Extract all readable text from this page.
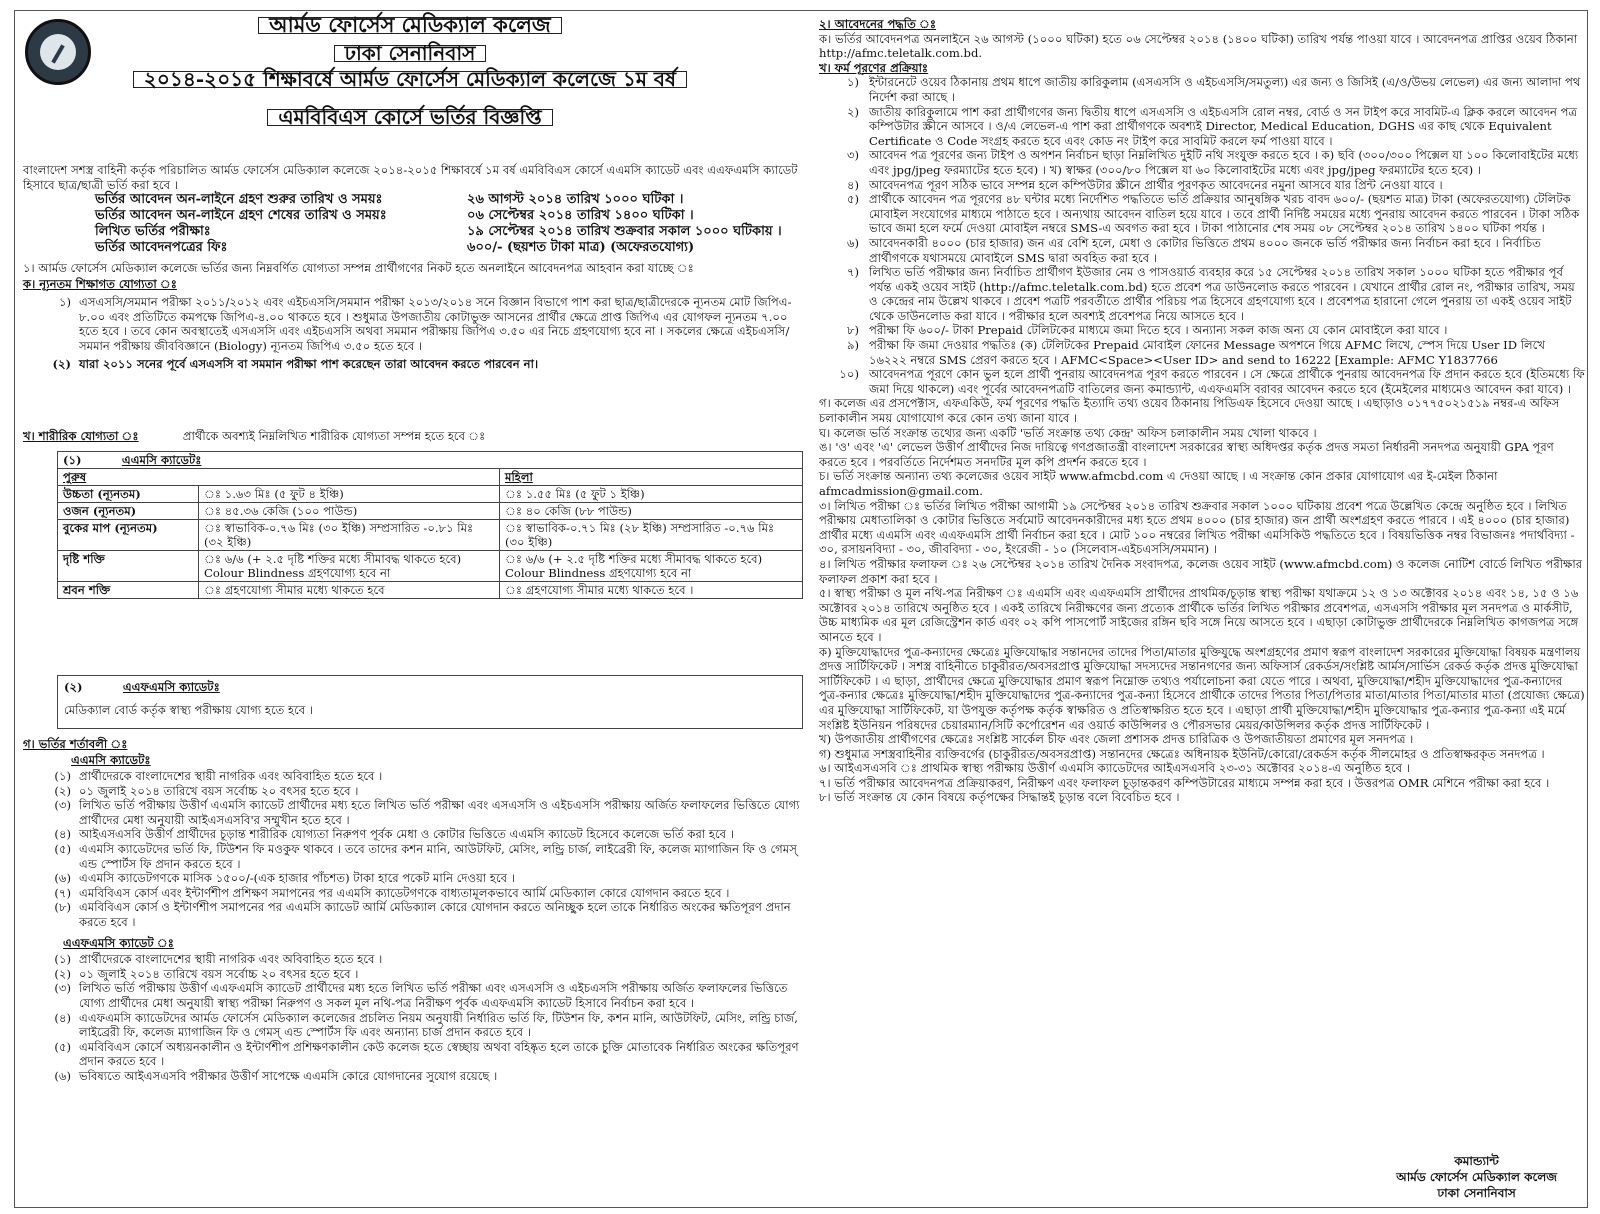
আর্মড ফোর্সেস মেডিক্যাল কলেজ
ঢাকা সেনানিবাস
২০১৪-২০১৫ শিক্ষাবর্ষে আর্মড ফোর্সেস মেডিক্যাল কলেজে ১ম বর্ষ
এমবিবিএস কোর্সে ভর্তির বিজ্ঞপ্তি
বাংলাদেশ সশস্ত্র বাহিনী কর্তৃক পরিচালিত আর্মড ফোর্সেস মেডিক্যাল কলেজে ২০১৪-২০১৫ শিক্ষাবর্ষে ১ম বর্ষ এমবিবিএস কোর্সে এএমসি ক্যাডেট এবং এএফএমসি ক্যাডেট হিসাবে ছাত্র/ছাত্রী ভর্তি করা হবে ।
ভর্তির আবেদন অন-লাইনে গ্রহণ শুরুর তারিখ ও সময়ঃ	২৬ আগস্ট ২০১৪ তারিখ ১০০০ ঘটিকা ।
ভর্তির আবেদন অন-লাইনে গ্রহণ শেষের তারিখ ও সময়ঃ	০৬ সেপ্টেম্বর ২০১৪ তারিখ ১৪০০ ঘটিকা ।
লিখিত ভর্তির পরীক্ষাঃ	১৯ সেপ্টেম্বর ২০১৪ তারিখ শুক্রবার সকাল ১০০০ ঘটিকায় ।
ভর্তির আবেদনপত্রের ফিঃ	৬০০/- (ছয়শত টাকা মাত্র) (অফেরতযোগ্য)
১। আর্মড ফোর্সেস মেডিক্যাল কলেজে ভর্তির জন্য নিম্নবর্ণিত যোগ্যতা সম্পন্ন প্রার্থীগণের নিকট হতে অনলাইনে আবেদনপত্র আহবান করা যাচ্ছে ঃ
ক। ন্যূনতম শিক্ষাগত যোগ্যতা ঃ
১) এসএসসি/সমমান পরীক্ষা ২০১১/২০১২ এবং এইচএসসি/সমমান পরীক্ষা ২০১৩/২০১৪ সনে বিজ্ঞান বিভাগে পাশ করা ছাত্র/ছাত্রীদেরকে ন্যূনতম মোট জিপিএ- ৮.০০ এবং প্রতিটিতে কমপক্ষে জিপিএ-৪.০০ থাকতে হবে । শুধুমাত্র উপজাতীয় কোটাভুক্ত আসনের প্রার্থীর ক্ষেত্রে প্রাপ্ত জিপিএ এর যোগফল ন্যূনতম ৭.০০ হতে হবে । তবে কোন অবস্থাতেই এসএসসি এবং এইচএসসি অথবা সমমান পরীক্ষায় জিপিএ ৩.৫০ এর নিচে গ্রহণযোগ্য হবে না । সকলের ক্ষেত্রে এইচএসসি/সমমান পরীক্ষায় জীববিজ্ঞানে (Biology) ন্যূনতম জিপিএ ৩.৫০ হতে হবে ।
(২) যারা ২০১১ সনের পূর্বে এসএসসি বা সমমান পরীক্ষা পাশ করেছেন তারা আবেদন করতে পারবেন না।
খ। শারীরিক যোগ্যতা ঃ	প্রার্থীকে অবশ্যই নিম্নলিখিত শারীরিক যোগ্যতা সম্পন্ন হতে হবে ঃ
(১) এএমসি ক্যাডেটঃ		
পুরুষ		মহিলা
উচ্চতা (ন্যূনতম)	ঃ ১.৬৩ মিঃ (৫ ফুট ৪ ইঞ্চি)	ঃ ১.৫৫ মিঃ (৫ ফুট ১ ইঞ্চি)
ওজন (ন্যূনতম)	ঃ ৪৫.৩৬ কেজি (১০০ পাউন্ড)	ঃ ৪০ কেজি (৮৮ পাউন্ড)
বুকের মাপ (ন্যূনতম)	ঃ স্বাভাবিক-০.৭৬ মিঃ (৩০ ইঞ্চি) সম্প্রসারিত -০.৮১ মিঃ (৩২ ইঞ্চি)	ঃ স্বাভাবিক-০.৭১ মিঃ (২৮ ইঞ্চি) সম্প্রসারিত -০.৭৬ মিঃ (৩০ ইঞ্চি)
দৃষ্টি শক্তি	ঃ ৬/৬ (+ ২.৫ দৃষ্টি শক্তির মধ্যে সীমাবদ্ধ থাকতে হবে) Colour Blindness গ্রহণযোগ্য হবে না	ঃ ৬/৬ (+ ২.৫ দৃষ্টি শক্তির মধ্যে সীমাবদ্ধ থাকতে হবে) Colour Blindness গ্রহণযোগ্য হবে না
শ্রবন শক্তি	ঃ গ্রহণযোগ্য সীমার মধ্যে থাকতে হবে	ঃ গ্রহণযোগ্য সীমার মধ্যে থাকতে হবে ।
(২)	এএফএমসি ক্যাডেটঃ
মেডিক্যাল বোর্ড কর্তৃক স্বাস্থ্য পরীক্ষায় যোগ্য হতে হবে ।
গ। ভর্তির শর্তাবলী ঃ
এএমসি ক্যাডেটঃ
(১) প্রার্থীদেরকে বাংলাদেশের স্থায়ী নাগরিক এবং অবিবাহিত হতে হবে ।
(২) ০১ জুলাই ২০১৪ তারিখে বয়স সর্বোচ্চ ২০ বৎসর হতে হবে ।
(৩) লিখিত ভর্তি পরীক্ষায় উত্তীর্ণ এএমসি ক্যাডেট প্রার্থীদের মধ্য হতে লিখিত ভর্তি পরীক্ষা এবং এসএসসি ও এইচএসসি পরীক্ষায় অর্জিত ফলাফলের ভিত্তিতে যোগ্য প্রার্থীদের মেধা অনুযায়ী আইএসএসবি'র সম্মুখীন হতে হবে ।
(৪) আইএসএসবি উত্তীর্ণ প্রার্থীদের চূড়ান্ত শারীরিক যোগ্যতা নিরুপণ পূর্বক মেধা ও কোটার ভিত্তিতে এএমসি ক্যাডেট হিসেবে কলেজে ভর্তি করা হবে ।
(৫) এএমসি ক্যাডেটদের ভর্তি ফি, টিউশন ফি মওকুফ থাকবে । তবে তাদের কশন মানি, আউটফিট, মেসিং, লন্ড্রি চার্জ, লাইব্রেরী ফি, কলেজ ম্যাগাজিন ফি ও গেমস্ এন্ড স্পোর্টস ফি প্রদান করতে হবে ।
(৬) এএমসি ক্যাডেটগণকে মাসিক ১৫০০/-(এক হাজার পাঁচশত) টাকা হারে পকেট মানি দেওয়া হবে ।
(৭) এমবিবিএস কোর্স এবং ইন্টার্ণশীপ প্রশিক্ষণ সমাপনের পর এএমসি ক্যাডেটগণকে বাধ্যতামূলকভাবে আর্মি মেডিক্যাল কোরে যোগদান করতে হবে ।
(৮) এমবিবিএস কোর্স ও ইন্টার্ণশীপ সমাপনের পর এএমসি ক্যাডেট আর্মি মেডিক্যাল কোরে যোগদান করতে অনিচ্ছুক হলে তাকে নির্ধারিত অংকের ক্ষতিপূরণ প্রদান করতে হবে ।
এএফএমসি ক্যাডেট ঃ
(১) প্রার্থীদেরকে বাংলাদেশের স্থায়ী নাগরিক এবং অবিবাহিত হতে হবে ।
(২) ০১ জুলাই ২০১৪ তারিখে বয়স সর্বোচ্চ ২০ বৎসর হতে হবে ।
(৩) লিখিত ভর্তি পরীক্ষায় উত্তীর্ণ এএফএমসি ক্যাডেট প্রার্থীদের মধ্য হতে লিখিত ভর্তি পরীক্ষা এবং এসএসসি ও এইচএসসি পরীক্ষায় অর্জিত ফলাফলের ভিত্তিতে যোগ্য প্রার্থীদের মেধা অনুযায়ী স্বাস্থ্য পরীক্ষা নিরুপণ ও সকল মূল নথি-পত্র নিরীক্ষণ পূর্বক এএফএমসি ক্যাডেট হিসাবে নির্বাচন করা হবে ।
(৪) এএফএমসি ক্যাডেটদের আর্মড ফোর্সেস মেডিক্যাল কলেজের প্রচলিত নিয়ম অনুযায়ী নির্ধারিত ভর্তি ফি, টিউশন ফি, কশন মানি, আউটফিট, মেসিং, লন্ড্রি চার্জ, লাইব্রেরী ফি, কলেজ ম্যাগাজিন ফি ও গেমস্ এন্ড স্পোর্টস ফি এবং অন্যান্য চার্জ প্রদান করতে হবে ।
(৫) এমবিবিএস কোর্সে অধ্যয়নকালীন ও ইন্টার্ণশীপ প্রশিক্ষণকালীন কেউ কলেজ হতে স্বেচ্ছায় অথবা বহিষ্কৃত হলে তাকে চুক্তি মোতাবেক নির্ধারিত অংকের ক্ষতিপূরণ প্রদান করতে হবে ।
(৬) ভবিষ্যতে আইএসএসবি পরীক্ষার উত্তীর্ণ সাপেক্ষে এএমসি কোরে যোগদানের সুযোগ রয়েছে ।
২। আবেদনের পদ্ধতি ঃ
ক। ভর্তির আবেদনপত্র অনলাইনে ২৬ আগস্ট (১০০০ ঘটিকা) হতে ০৬ সেপ্টেম্বর ২০১৪ (১৪০০ ঘটিকা) তারিখ পর্যন্ত পাওয়া যাবে । আবেদনপত্র প্রাপ্তির ওয়েব ঠিকানা http://afmc.teletalk.com.bd.
খ। ফর্ম পূরণের প্রক্রিয়াঃ
১) ইন্টারনেটে ওয়েব ঠিকানায় প্রথম ধাপে জাতীয় কারিকুলাম (এসএসসি ও এইচএসসি/সমতুল্য) এর জন্য ও জিসিই (এ/ও/উভয় লেভেল) এর জন্য আলাদা পথ নির্দেশ করা আছে ।
২) জাতীয় কারিকুলামে পাশ করা প্রার্থীগণের জন্য দ্বিতীয় ধাপে এসএসসি ও এইচএসসি রোল নম্বর, বোর্ড ও সন টাইপ করে সাবমিট-এ ক্লিক করলে আবেদন পত্র কম্পিউটার স্ক্রীনে আসবে । ও/এ লেভেল-এ পাশ করা প্রার্থীগণকে অবশ্যই Director, Medical Education, DGHS এর কাছ থেকে Equivalent Certificate ও Code সংগ্রহ করতে হবে এবং কোড নং টাইপ করে সাবমিট করলে ফর্ম পাওয়া যাবে ।
৩) আবেদন পত্র পূরণের জন্য টাইপ ও অপশন নির্বাচন ছাড়া নিম্নলিখিত দুইটি নথি সংযুক্ত করতে হবে । ক) ছবি (৩০০/৩০০ পিক্সেল যা ১০০ কিলোবাইটের মধ্যে এবং jpg/jpeg ফরম্যাটের হতে হবে) । খ) স্বাক্ষর (৩০০/৮০ পিক্সেল যা ৬০ কিলোবাইটের মধ্যে এবং jpg/jpeg ফরম্যাটের হতে হবে) ।
৪) আবেদনপত্র পূরণ সঠিক ভাবে সম্পন্ন হলে কম্পিউটার স্ক্রীনে প্রার্থীর পূরণকৃত আবেদনের নমুনা আসবে যার প্রিন্ট নেওয়া যাবে ।
৫) প্রার্থীকে আবেদন পত্র পূরণের ৪৮ ঘন্টার মধ্যে নির্দেশিত পদ্ধতিতে ভর্তি প্রক্রিয়ার আনুষঙ্গিক খরচ বাবদ ৬০০/- (ছয়শত মাত্র) টাকা (অফেরতযোগ্য) টেলিটক মোবাইল সংযোগের মাধ্যমে পাঠাতে হবে । অন্যথায় আবেদন বাতিল হয়ে যাবে । তবে প্রার্থী নির্দিষ্ট সময়ের মধ্যে পুনরায় আবেদন করতে পারবেন । টাকা সঠিক ভাবে জমা হলে ফর্মে দেওয়া মোবাইল নম্বরে SMS-এ অবগত করা হবে । টাকা পাঠানোর শেষ সময় ০৮ সেপ্টেম্বর ২০১৪ তারিখ ১৪০০ ঘটিকা পর্যন্ত ।
৬) আবেদনকারী ৪০০০ (চার হাজার) জন এর বেশি হলে, মেধা ও কোটার ভিত্তিতে প্রথম ৪০০০ জনকে ভর্তি পরীক্ষার জন্য নির্বাচন করা হবে । নির্বাচিত প্রার্থীগণকে যথাসময়ে মোবাইলে SMS দ্বারা অবহিত করা হবে ।
৭) লিখিত ভর্তি পরীক্ষার জন্য নির্বাচিত প্রার্থীগণ ইউজার নেম ও পাসওয়ার্ড ব্যবহার করে ১৫ সেপ্টেম্বর ২০১৪ তারিখ সকাল ১০০০ ঘটিকা হতে পরীক্ষার পূর্ব পর্যন্ত একই ওয়েব সাইট (http://afmc.teletalk.com.bd) হতে প্রবেশ পত্র ডাউনলোড করতে পারবেন । যেখানে প্রার্থীর রোল নং, পরীক্ষার তারিখ, সময় ও কেন্দ্রের নাম উল্লেখ থাকবে । প্রবেশ পত্রটি পরবর্তীতে প্রার্থীর পরিচয় পত্র হিসেবে গ্রহণযোগ্য হবে । প্রবেশপত্র হারানো গেলে পুনরায় তা একই ওয়েব সাইট থেকে ডাউনলোড করা যাবে । পরীক্ষার হলে অবশ্যই প্রবেশপত্র নিয়ে আসতে হবে ।
৮) পরীক্ষা ফি ৬০০/- টাকা Prepaid টেলিটকের মাধ্যমে জমা দিতে হবে । অন্যান্য সকল কাজ অন্য যে কোন মোবাইলে করা যাবে ।
৯) পরীক্ষা ফি জমা দেওয়ার পদ্ধতিঃ (ক) টেলিটকের Prepaid মোবাইল ফোনের Message অপশনে গিয়ে AFMC লিখে, স্পেস দিয়ে User ID লিখে ১৬২২২ নম্বরে SMS প্রেরণ করতে হবে । AFMC<Space><User ID> and send to 16222 [Example: AFMC Y1837766
১০) আবেদনপত্র পূরণে কোন ভুল হলে প্রার্থী পুনরায় আবেদনপত্র পূরণ করতে পারবেন । সে ক্ষেত্রে প্রার্থীকে পুনরায় আবেদনপত্র ফি প্রদান করতে হবে (ইতিমধ্যে ফি জমা দিয়ে থাকলে) এবং পূর্বের আবেদনপত্রটি বাতিলের জন্য কমান্ড্যান্ট, এএফএমসি বরাবর আবেদন করতে হবে (ইমেইলের মাধ্যমেও আবেদন করা যাবে) ।
গ। কলেজ এর প্রসপেক্টাস, এফএকিউ, ফর্ম পূরণের পদ্ধতি ইত্যাদি তথ্য ওয়েব ঠিকানায় পিডিএফ হিসেবে দেওয়া আছে । এছাড়াও ০১৭৭৫০২১৫১৯ নম্বর-এ অফিস চলাকালীন সময় যোগাযোগ করে কোন তথ্য জানা যাবে ।
ঘ। কলেজ ভর্তি সংক্রান্ত তথ্যের জন্য একটি 'ভর্তি সংক্রান্ত তথ্য কেন্দ্র' অফিস চলাকালীন সময় খোলা থাকবে ।
ঙ। 'ও' এবং 'এ' লেভেল উত্তীর্ণ প্রার্থীদের নিজ দায়িত্বে গণপ্রজাতন্ত্রী বাংলাদেশ সরকারের স্বাস্থ্য অধিদপ্তর কর্তৃক প্রদত্ত সমতা নির্ধারনী সনদপত্র অনুযায়ী GPA পূরণ করতে হবে । পরবর্তিতে নির্দেশমত সনদটির মূল কপি প্রদর্শন করতে হবে ।
চ। ভর্তি সংক্রান্ত অন্যান্য তথ্য কলেজের ওয়েব সাইট www.afmcbd.com এ দেওয়া আছে । এ সংক্রান্ত কোন প্রকার যোগাযোগ এর ই-মেইল ঠিকানা afmcadmission@gmail.com.
৩। লিখিত পরীক্ষা ঃ ভর্তির লিখিত পরীক্ষা আগামী ১৯ সেপ্টেম্বর ২০১৪ তারিখ শুক্রবার সকাল ১০০০ ঘটিকায় প্রবেশ পত্রে উল্লেখিত কেন্দ্রে অনুষ্ঠিত হবে । লিখিত পরীক্ষায় মেধাতালিকা ও কোটার ভিত্তিতে সর্বমোট আবেদনকারীদের মধ্য হতে প্রথম ৪০০০ (চার হাজার) জন প্রার্থী অংশগ্রহণ করতে পারবে । এই ৪০০০ (চার হাজার) প্রার্থীর মধ্যে এএমসি এবং এএফএমসি প্রার্থী নির্বাচন করা হবে । মোট ১০০ নম্বরের লিখিত পরীক্ষা এমসিকিউ পদ্ধতিতে হবে । বিষয়ভিত্তিক নম্বর বিভাজনঃ পদার্থবিদ্যা - ৩০, রসায়নবিদ্যা - ৩০, জীববিদ্যা - ৩০, ইংরেজী - ১০ (সিলেবাস-এইচএসসি/সমমান) ।
৪। লিখিত পরীক্ষার ফলাফল ঃ ২৬ সেপ্টেম্বর ২০১৪ তারিখ দৈনিক সংবাদপত্র, কলেজ ওয়েব সাইট (www.afmcbd.com) ও কলেজ নোটিশ বোর্ডে লিখিত পরীক্ষার ফলাফল প্রকাশ করা হবে ।
৫। স্বাস্থ্য পরীক্ষা ও মূল নথি-পত্র নিরীক্ষণ ঃ এএমসি এবং এএফএমসি প্রার্থীদের প্রাথমিক/চূড়ান্ত স্বাস্থ্য পরীক্ষা যথাক্রমে ১২ ও ১৩ অক্টোবর ২০১৪ এবং ১৪, ১৫ ও ১৬ অক্টোবর ২০১৪ তারিখে অনুষ্ঠিত হবে । একই তারিখে নিরীক্ষণের জন্য প্রত্যেক প্রার্থীকে ভর্তির লিখিত পরীক্ষার প্রবেশপত্র, এসএসসি পরীক্ষার মূল সনদপত্র ও মার্কসীট, উচ্চ মাধ্যমিক এর মূল রেজিস্ট্রেশন কার্ড এবং ০২ কপি পাসপোর্ট সাইজের রঙ্গিন ছবি সঙ্গে নিয়ে আসতে হবে । এছাড়া কোটাভুক্ত প্রার্থীদেরকে নিম্নলিখিত কাগজপত্র সঙ্গে আনতে হবে ।
ক) মুক্তিযোদ্ধাদের পুত্র-কন্যাদের ক্ষেত্রেঃ মুক্তিযোদ্ধার সন্তানদের তাদের পিতা/মাতার মুক্তিযুদ্ধে অংশগ্রহণের প্রমাণ স্বরূপ বাংলাদেশ সরকারের মুক্তিযোদ্ধা বিষয়ক মন্ত্রণালয় প্রদত্ত সার্টিফিকেট । সশস্ত্র বাহিনীতে চাকুরীরত/অবসরপ্রাপ্ত মুক্তিযোদ্ধা সদস্যদের সন্তানগণের জন্য অফিসার্স রেকর্ডস/সংশ্লিষ্ট আর্মস/সার্ভিস রেকর্ড কর্তৃক প্রদত্ত মুক্তিযোদ্ধা সার্টিফিকেট । এ ছাড়া, প্রার্থীদের ক্ষেত্রে মুক্তিযোদ্ধার প্রমাণ স্বরূপ নিম্নোক্ত তথ্যও পর্যালোচনা করা যেতে পারে । অথবা, মুক্তিযোদ্ধা/শহীদ মুক্তিযোদ্ধাদের পুত্র-কন্যাদের পুত্র-কন্যার ক্ষেত্রেঃ মুক্তিযোদ্ধা/শহীদ মুক্তিযোদ্ধাদের পুত্র-কন্যাদের পুত্র-কন্যা হিসেবে প্রার্থীকে তাদের পিতার পিতা/পিতার মাতা/মাতার পিতা/মাতার মাতা (প্রযোজ্য ক্ষেত্রে) এর মুক্তিযোদ্ধা সার্টিফিকেট, যা উপযুক্ত কর্তৃপক্ষ কর্তৃক স্বাক্ষরিত ও প্রতিস্বাক্ষরিত হতে হবে । এছাড়া প্রার্থী মুক্তিযোদ্ধা/শহীদ মুক্তিযোদ্ধার পুত্র-কন্যার পুত্র-কন্যা এই মর্মে সংশ্লিষ্ট ইউনিয়ন পরিষদের চেয়ারম্যান/সিটি কর্পোরেশন এর ওয়ার্ড কাউন্সিলর ও পৌরসভার মেয়র/কাউন্সিলর কর্তৃক প্রদত্ত সার্টিফিকেট ।
খ) উপজাতীয় প্রার্থীগণের ক্ষেত্রেঃ সংশ্লিষ্ট সার্কেল চীফ এবং জেলা প্রশাসক প্রদত্ত চারিত্রিক ও উপজাতীয়তা প্রমাণের মূল সনদপত্র ।
গ) শুধুমাত্র সশস্ত্রবাহিনীর ব্যক্তিবর্গের (চাকুরীরত/অবসরপ্রাপ্ত) সন্তানদের ক্ষেত্রেঃ অধিনায়ক ইউনিট/কোরো/রেকর্ডস কর্তৃক সীলমোহর ও প্রতিস্বাক্ষরকৃত সনদপত্র ।
৬। আইএসএসবি ঃ প্রাথমিক স্বাস্থ্য পরীক্ষায় উত্তীর্ণ এএমসি ক্যাডেটদের আইএসএসবি ২৩-৩১ অক্টোবর ২০১৪-এ অনুষ্ঠিত হবে ।
৭। ভর্তি পরীক্ষার আবেদনপত্র প্রক্রিয়াকরণ, নিরীক্ষণ এবং ফলাফল চূড়ান্তকরণ কম্পিউটারের মাধ্যমে সম্পন্ন করা হবে । উত্তরপত্র OMR মেশিনে পরীক্ষা করা হবে ।
৮। ভর্তি সংক্রান্ত যে কোন বিষয়ে কর্তৃপক্ষের সিদ্ধান্তই চূড়ান্ত বলে বিবেচিত হবে ।
কমান্ড্যান্ট
আর্মড ফোর্সেস মেডিক্যাল কলেজ
ঢাকা সেনানিবাস
